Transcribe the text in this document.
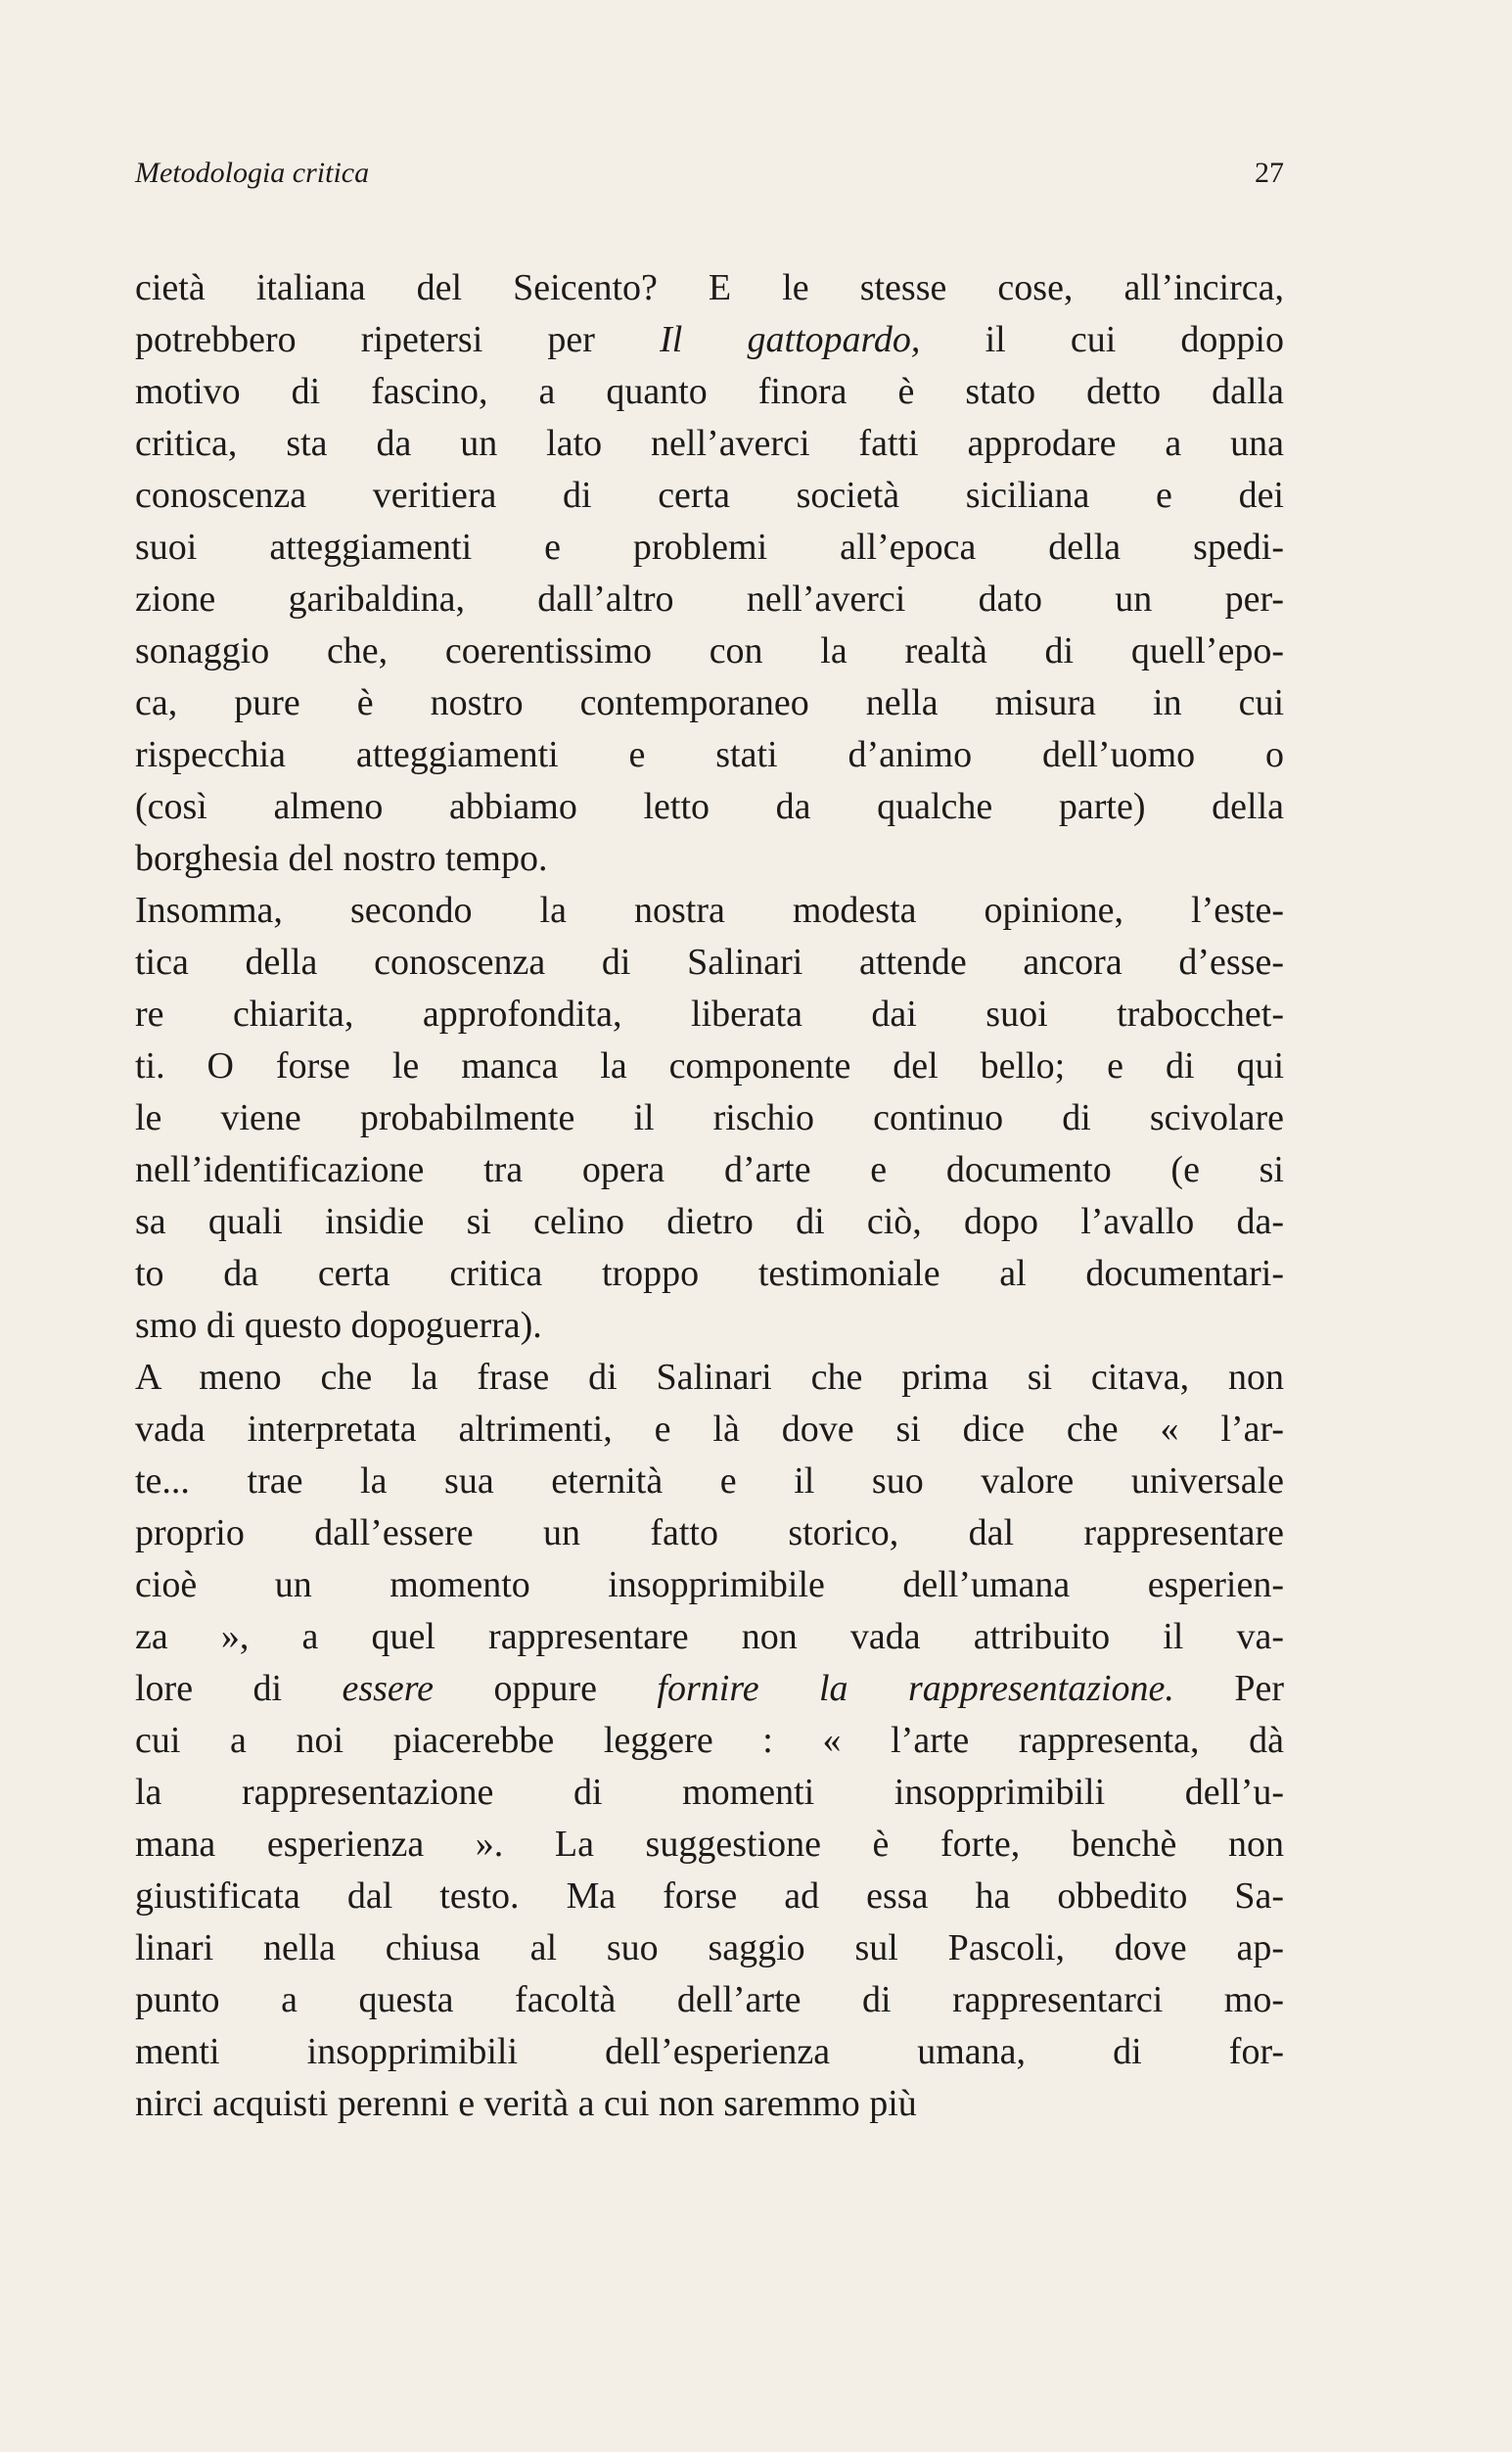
Metodologia critica	27
cietà italiana del Seicento? E le stesse cose, all’incirca,
potrebbero ripetersi per Il gattopardo, il cui doppio
motivo di fascino, a quanto finora è stato detto dalla
critica, sta da un lato nell’averci fatti approdare a una
conoscenza veritiera di certa società siciliana e dei
suoi atteggiamenti e problemi all’epoca della spedi-
zione garibaldina, dall’altro nell’averci dato un per-
sonaggio che, coerentissimo con la realtà di quell’epo-
ca, pure è nostro contemporaneo nella misura in cui
rispecchia atteggiamenti e stati d’animo dell’uomo o
(così almeno abbiamo letto da qualche parte) della
borghesia del nostro tempo.
Insomma, secondo la nostra modesta opinione, l’este-
tica della conoscenza di Salinari attende ancora d’esse-
re chiarita, approfondita, liberata dai suoi trabocchet-
ti. O forse le manca la componente del bello; e di qui
le viene probabilmente il rischio continuo di scivolare
nell’identificazione tra opera d’arte e documento (e si
sa quali insidie si celino dietro di ciò, dopo l’avallo da-
to da certa critica troppo testimoniale al documentari-
smo di questo dopoguerra).
A meno che la frase di Salinari che prima si citava, non
vada interpretata altrimenti, e là dove si dice che « l’ar-
te... trae la sua eternità e il suo valore universale
proprio dall’essere un fatto storico, dal rappresentare
cioè un momento insopprimibile dell’umana esperien-
za », a quel rappresentare non vada attribuito il va-
lore di essere oppure fornire la rappresentazione. Per
cui a noi piacerebbe leggere : « l’arte rappresenta, dà
la rappresentazione di momenti insopprimibili dell’u-
mana esperienza ». La suggestione è forte, benchè non
giustificata dal testo. Ma forse ad essa ha obbedito Sa-
linari nella chiusa al suo saggio sul Pascoli, dove ap-
punto a questa facoltà dell’arte di rappresentarci mo-
menti insopprimibili dell’esperienza umana, di for-
nirci acquisti perenni e verità a cui non saremmo più
